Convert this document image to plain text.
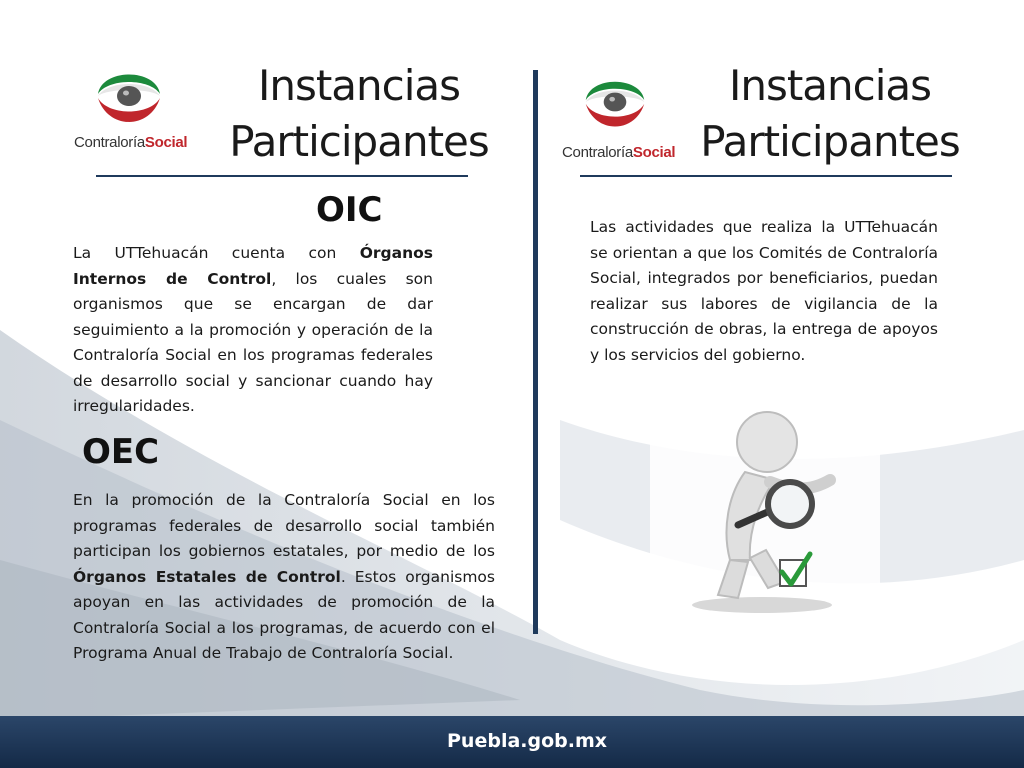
ContraloríaSocial
Instancias
Participantes	ContraloríaSocial
Instancias
Participantes
OIC

La UTTehuacán cuenta con Órganos Internos de Control, los cuales son organismos que se encargan de dar seguimiento a la promoción y operación de la Contraloría Social en los programas federales de desarrollo social y sancionar cuando hay irregularidades.

OEC

En la promoción de la Contraloría Social en los programas federales de desarrollo social también participan los gobiernos estatales, por medio de los Órganos Estatales de Control. Estos organismos apoyan en las actividades de promoción de la Contraloría Social a los programas, de acuerdo con el Programa Anual de Trabajo de Contraloría Social.

Las actividades que realiza la UTTehuacán se orientan a que los Comités de Contraloría Social, integrados por beneficiarios, puedan realizar sus labores de vigilancia de la construcción de obras, la entrega de apoyos y los servicios del gobierno.

Puebla.gob.mx
